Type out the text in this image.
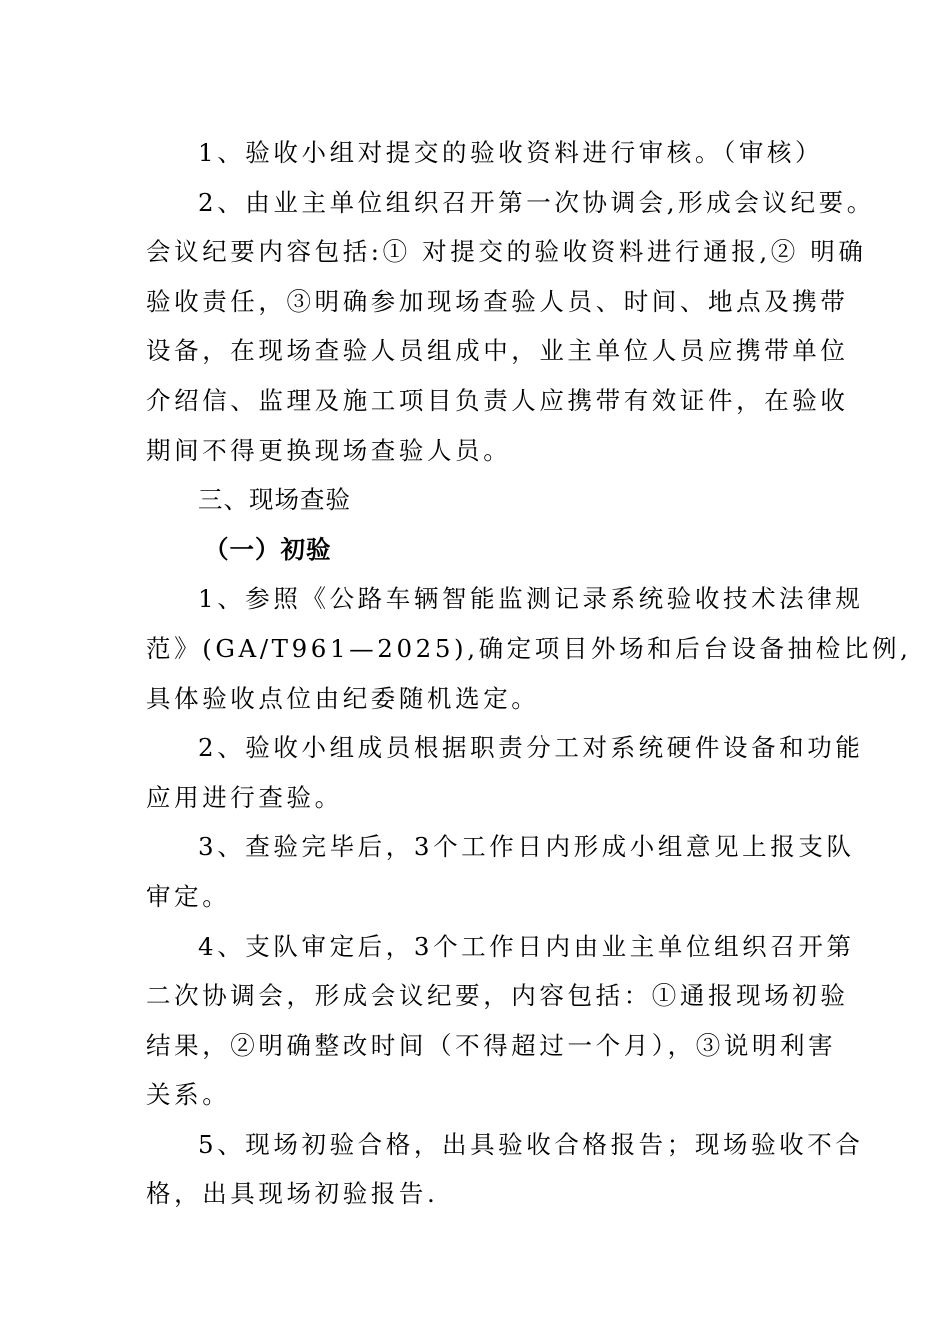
1、验收小组对提交的验收资料进行审核。（审核）

2、由业主单位组织召开第一次协调会,形成会议纪要。
会议纪要内容包括:① 对提交的验收资料进行通报,② 明确
验收责任，③明确参加现场查验人员、时间、地点及携带
设备，在现场查验人员组成中，业主单位人员应携带单位
介绍信、监理及施工项目负责人应携带有效证件，在验收
期间不得更换现场查验人员。

三、现场查验

（一）初验

1、参照《公路车辆智能监测记录系统验收技术法律规
范》(GA/T961—2025),确定项目外场和后台设备抽检比例,
具体验收点位由纪委随机选定。

2、验收小组成员根据职责分工对系统硬件设备和功能
应用进行查验。

3、查验完毕后，3个工作日内形成小组意见上报支队
审定。

4、支队审定后，3个工作日内由业主单位组织召开第
二次协调会，形成会议纪要，内容包括：①通报现场初验
结果，②明确整改时间（不得超过一个月），③说明利害
关系。

5、现场初验合格，出具验收合格报告；现场验收不合
格，出具现场初验报告.
